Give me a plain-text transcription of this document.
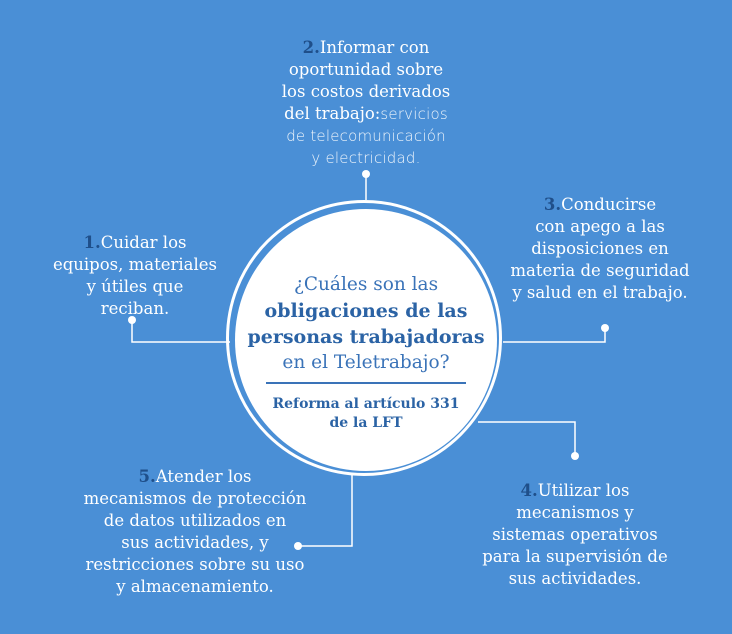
2.Informar con
oportunidad sobre
los costos derivados
del trabajo:servicios
de telecomunicación
y electricidad.
1.Cuidar los
equipos, materiales
y útiles que
reciban.
3.Conducirse
con apego a las
disposiciones en
materia de seguridad
y salud en el trabajo.
4.Utilizar los
mecanismos y
sistemas operativos
para la supervisión de
sus actividades.
5.Atender los
mecanismos de protección
de datos utilizados en
sus actividades, y
restricciones sobre su uso
y almacenamiento.
¿Cuáles son las
obligaciones de las
personas trabajadoras
en el Teletrabajo?
Reforma al artículo 331
de la LFT
